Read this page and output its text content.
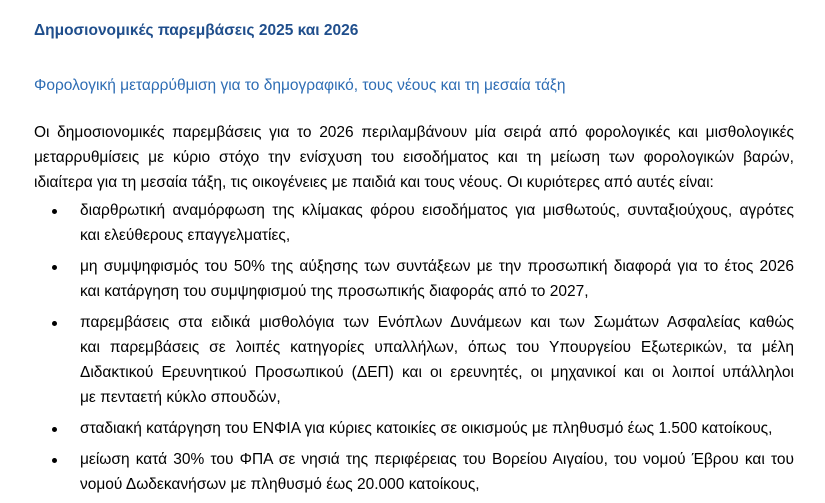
Δημοσιονομικές παρεμβάσεις 2025 και 2026
Φορολογική μεταρρύθμιση για το δημογραφικό, τους νέους και τη μεσαία τάξη
Οι δημοσιονομικές παρεμβάσεις για το 2026 περιλαμβάνουν μία σειρά από φορολογικές και μισθολογικές
μεταρρυθμίσεις με κύριο στόχο την ενίσχυση του εισοδήματος και τη μείωση των φορολογικών βαρών,
ιδιαίτερα για τη μεσαία τάξη, τις οικογένειες με παιδιά και τους νέους. Οι κυριότερες από αυτές είναι:
διαρθρωτική αναμόρφωση της κλίμακας φόρου εισοδήματος για μισθωτούς, συνταξιούχους, αγρότες
και ελεύθερους επαγγελματίες,
μη συμψηφισμός του 50% της αύξησης των συντάξεων με την προσωπική διαφορά για το έτος 2026
και κατάργηση του συμψηφισμού της προσωπικής διαφοράς από το 2027,
παρεμβάσεις στα ειδικά μισθολόγια των Ενόπλων Δυνάμεων και των Σωμάτων Ασφαλείας καθώς
και παρεμβάσεις σε λοιπές κατηγορίες υπαλλήλων, όπως του Υπουργείου Εξωτερικών, τα μέλη
Διδακτικού Ερευνητικού Προσωπικού (ΔΕΠ) και οι ερευνητές, οι μηχανικοί και οι λοιποί υπάλληλοι
με πενταετή κύκλο σπουδών,
σταδιακή κατάργηση του ΕΝΦΙΑ για κύριες κατοικίες σε οικισμούς με πληθυσμό έως 1.500 κατοίκους,
μείωση κατά 30% του ΦΠΑ σε νησιά της περιφέρειας του Βορείου Αιγαίου, του νομού Έβρου και του
νομού Δωδεκανήσων με πληθυσμό έως 20.000 κατοίκους,
